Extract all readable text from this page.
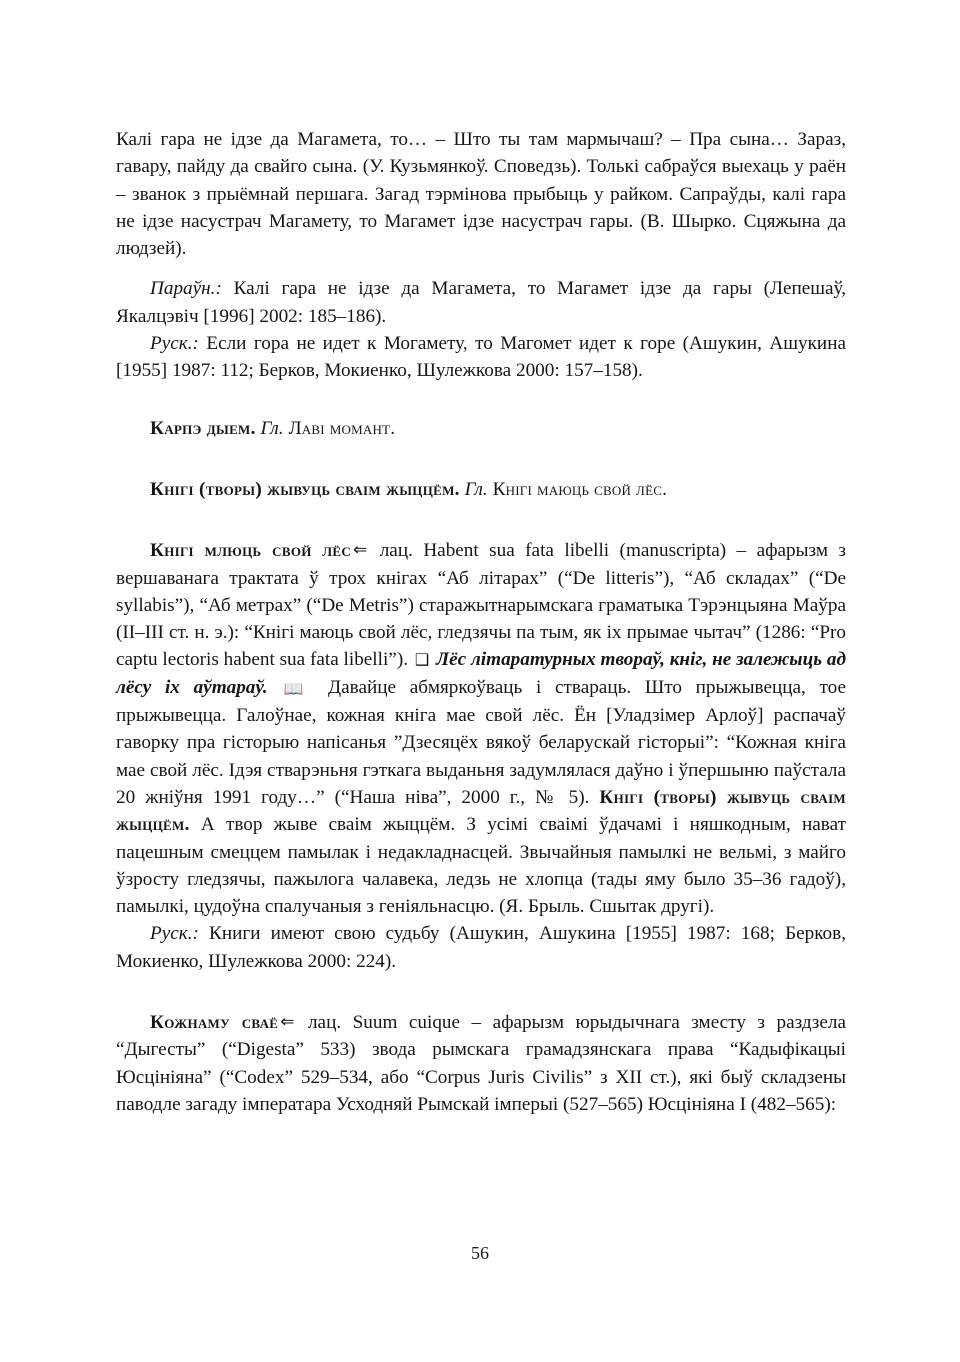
Калі гара не ідзе да Магамета, то… – Што ты там мармычаш? – Пра сына… Зараз, гавару, пайду да свайго сына. (У. Кузьмянкоў. Споведзь). Толькі сабраўся выехаць у раён – званок з прыёмнай першага. Загад тэрмінова прыбыць у райком. Сапраўды, калі гара не ідзе насустрач Магамету, то Магамет ідзе насустрач гары. (В. Шырко. Сцяжына да людзей).

Параўн.: Калі гара не ідзе да Магамета, то Магамет ідзе да гары (Лепешаў, Якалцэвіч [1996] 2002: 185–186).

Руск.: Если гора не идет к Могамету, то Магомет идет к горе (Ашукин, Ашукина [1955] 1987: 112; Берков, Мокиенко, Шулежкова 2000: 157–158).

Карпэ дыем. Гл. Лаві момант.

Кнігі (творы) жывуць сваім жыццём. Гл. Кнігі маюць свой лёс.

Кнігі млюць свой лёс ⇐ лац. Habent sua fata libelli (manuscripta) – афарызм з вершаванага трактата ў трох кнігах “Аб літарах” (“De litteris”), “Аб складах” (“De syllabis”), “Аб метрах” (“De Metris”) старажытнарымскага граматыка Тэрэнцыяна Маўра (II–III ст. н. э.): “Кнігі маюць свой лёс, гледзячы па тым, як іх прымае чытач” (1286: “Pro captu lectoris habent sua fata libelli”). ❑ Лёс літаратурных твораў, кніг, не залежыць ад лёсу іх аўтараў. 📖 Давайце абмяркоўваць і ствараць. Што прыжывецца, тое прыжывецца. Галоўнае, кожная кніга мае свой лёс. Ён [Уладзімер Арлоў] распачаў гаворку пра гісторыю напісанья ”Дзесяцёх вякоў беларускай гісторыі”: “Кожная кніга мае свой лёс. Ідэя стварэньня гэткага выданьня задумлялася даўно і ўпершыню паўстала 20 жніўня 1991 году…” (“Наша ніва”, 2000 г., № 5). Кнігі (творы) жывуць сваім жыццём. А твор жыве сваім жыццём. З усімі сваімі ўдачамі і няшкодным, нават пацешным смеццем памылак і недакладнасцей. Звычайныя памылкі не вельмі, з майго ўзросту гледзячы, пажылога чалавека, ледзь не хлопца (тады яму было 35–36 гадоў), памылкі, цудоўна спалучаныя з геніяльнасцю. (Я. Брыль. Сшытак другі).

Руск.: Книги имеют свою судьбу (Ашукин, Ашукина [1955] 1987: 168; Берков, Мокиенко, Шулежкова 2000: 224).

Кожнаму сваё ⇐ лац. Suum cuique – афарызм юрыдычнага зместу з раздзела “Дыгесты” (“Digesta” 533) звода рымскага грамадзянскага права “Кадыфікацыі Юсцініяна” (“Codex” 529–534, або “Corpus Juris Civilis” з XII ст.), які быў складзены паводле загаду імператара Усходняй Рымскай імперыі (527–565) Юсцініяна I (482–565):

56
